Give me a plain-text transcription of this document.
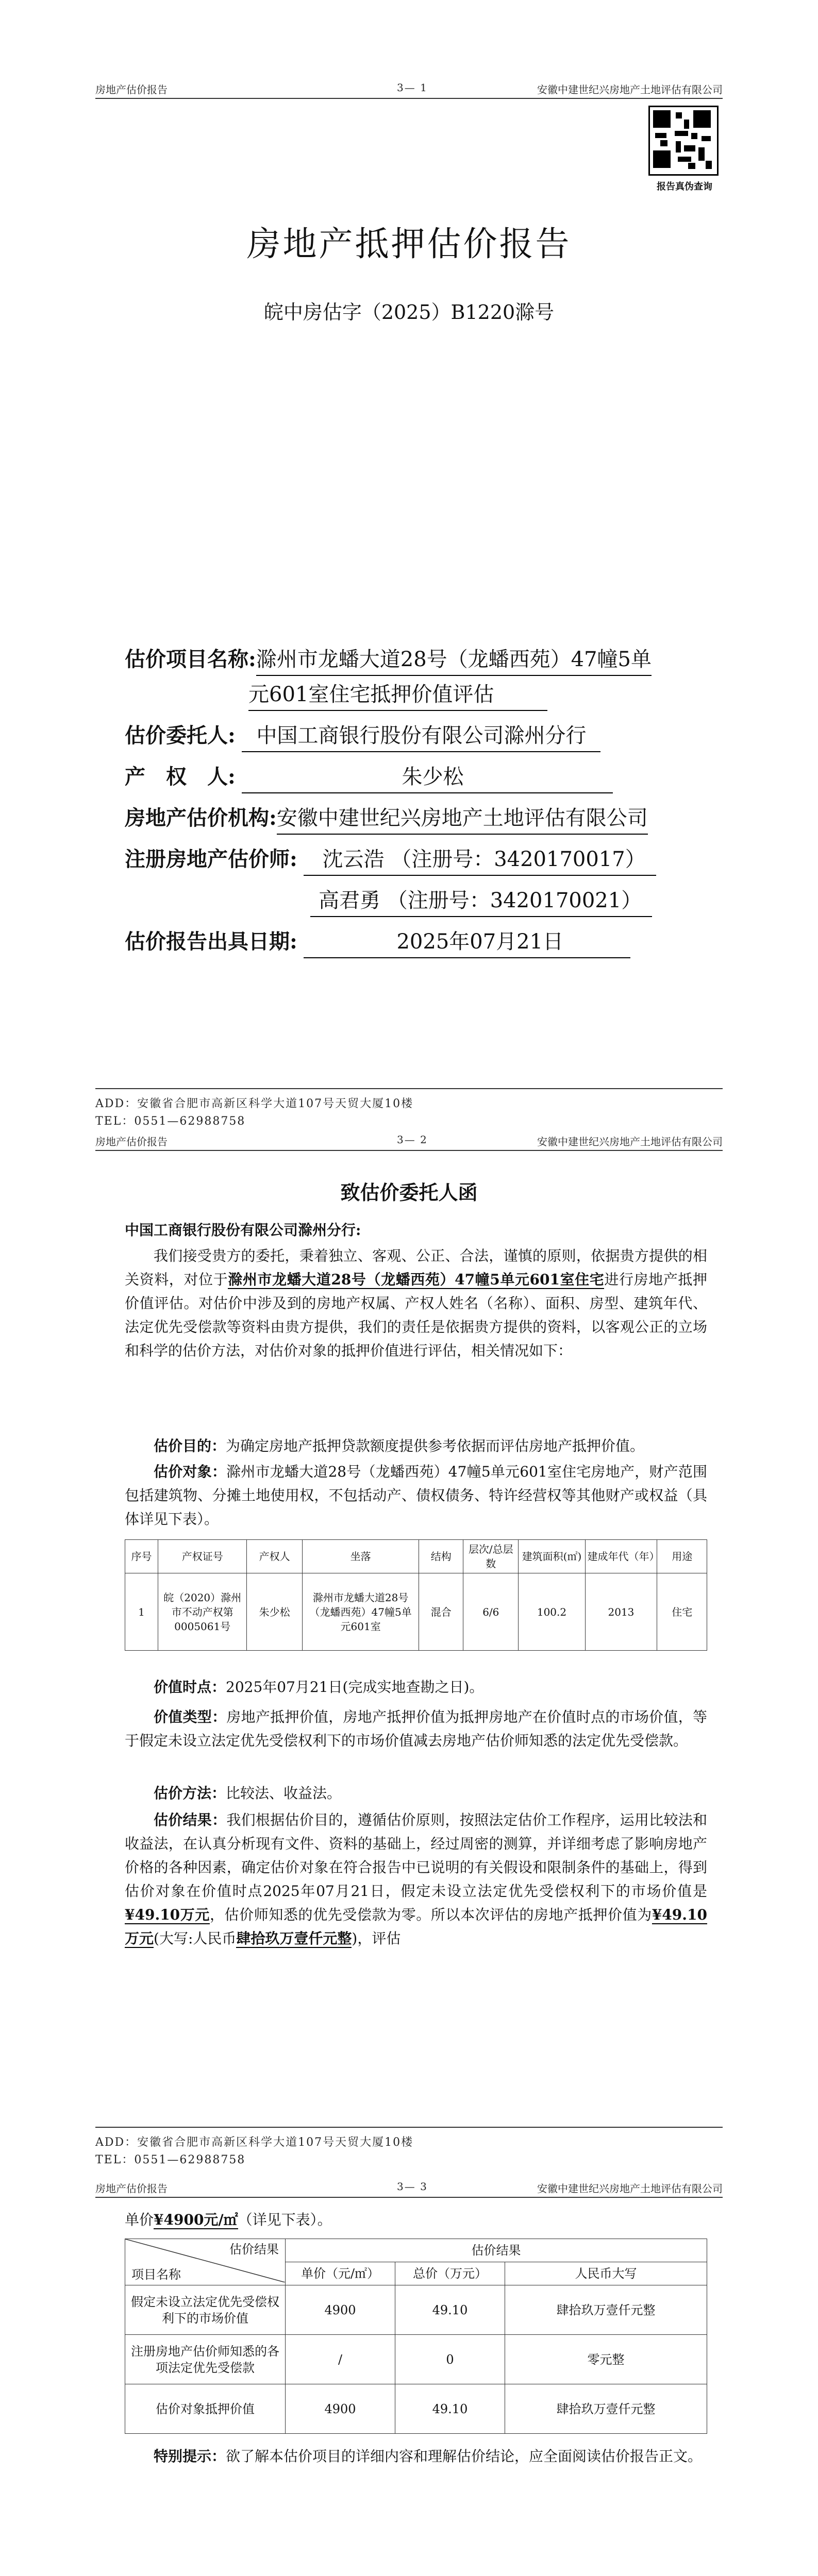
房地产估价报告	3— 1	安徽中建世纪兴房地产土地评估有限公司
报告真伪查询
房地产抵押估价报告
皖中房估字（2025）B1220滁号
估价项目名称:滁州市龙蟠大道28号（龙蟠西苑）47幢5单
元601室住宅抵押价值评估
估价委托人: 中国工商银行股份有限公司滁州分行
产　权　人:	朱少松
房地产估价机构:安徽中建世纪兴房地产土地评估有限公司
注册房地产估价师: 沈云浩 （注册号：3420170017）
高君勇 （注册号：3420170021）
估价报告出具日期:	2025年07月21日
ADD：安徽省合肥市高新区科学大道107号天贸大厦10楼
TEL：0551—62988758
房地产估价报告	3— 2	安徽中建世纪兴房地产土地评估有限公司
致估价委托人函
中国工商银行股份有限公司滁州分行:
我们接受贵方的委托，秉着独立、客观、公正、合法，谨慎的原则，依据贵方提供的相关资料，对位于滁州市龙蟠大道28号（龙蟠西苑）47幢5单元601室住宅进行房地产抵押价值评估。对估价中涉及到的房地产权属、产权人姓名（名称）、面积、房型、建筑年代、法定优先受偿款等资料由贵方提供，我们的责任是依据贵方提供的资料，以客观公正的立场和科学的估价方法，对估价对象的抵押价值进行评估，相关情况如下：
估价目的：为确定房地产抵押贷款额度提供参考依据而评估房地产抵押价值。
估价对象：滁州市龙蟠大道28号（龙蟠西苑）47幢5单元601室住宅房地产，财产范围包括建筑物、分摊土地使用权，不包括动产、债权债务、特许经营权等其他财产或权益（具体详见下表）。
序号	产权证号	产权人	坐落	结构	层次/总层数	建筑面积(㎡)	建成年代（年）	用途
1	皖（2020）滁州市不动产权第0005061号	朱少松	滁州市龙蟠大道28号（龙蟠西苑）47幢5单元601室	混合	6/6	100.2	2013	住宅
价值时点：2025年07月21日(完成实地查勘之日)。
价值类型：房地产抵押价值，房地产抵押价值为抵押房地产在价值时点的市场价值，等于假定未设立法定优先受偿权利下的市场价值减去房地产估价师知悉的法定优先受偿款。
估价方法：比较法、收益法。
估价结果：我们根据估价目的，遵循估价原则，按照法定估价工作程序，运用比较法和收益法，在认真分析现有文件、资料的基础上，经过周密的测算，并详细考虑了影响房地产价格的各种因素，确定估价对象在符合报告中已说明的有关假设和限制条件的基础上，得到估价对象在价值时点2025年07月21日，假定未设立法定优先受偿权利下的市场价值是¥49.10万元，估价师知悉的优先受偿款为零。所以本次评估的房地产抵押价值为¥49.10万元(大写:人民币肆拾玖万壹仟元整)，评估
ADD：安徽省合肥市高新区科学大道107号天贸大厦10楼
TEL：0551—62988758
房地产估价报告	3— 3	安徽中建世纪兴房地产土地评估有限公司
单价¥4900元/㎡（详见下表）。
估价结果
项目名称	估价结果		
	单价（元/㎡）	总价（万元）	人民币大写
假定未设立法定优先受偿权利下的市场价值	4900	49.10	肆拾玖万壹仟元整
注册房地产估价师知悉的各项法定优先受偿款	/	0	零元整
估价对象抵押价值	4900	49.10	肆拾玖万壹仟元整
特别提示：欲了解本估价项目的详细内容和理解估价结论，应全面阅读估价报告正文。
